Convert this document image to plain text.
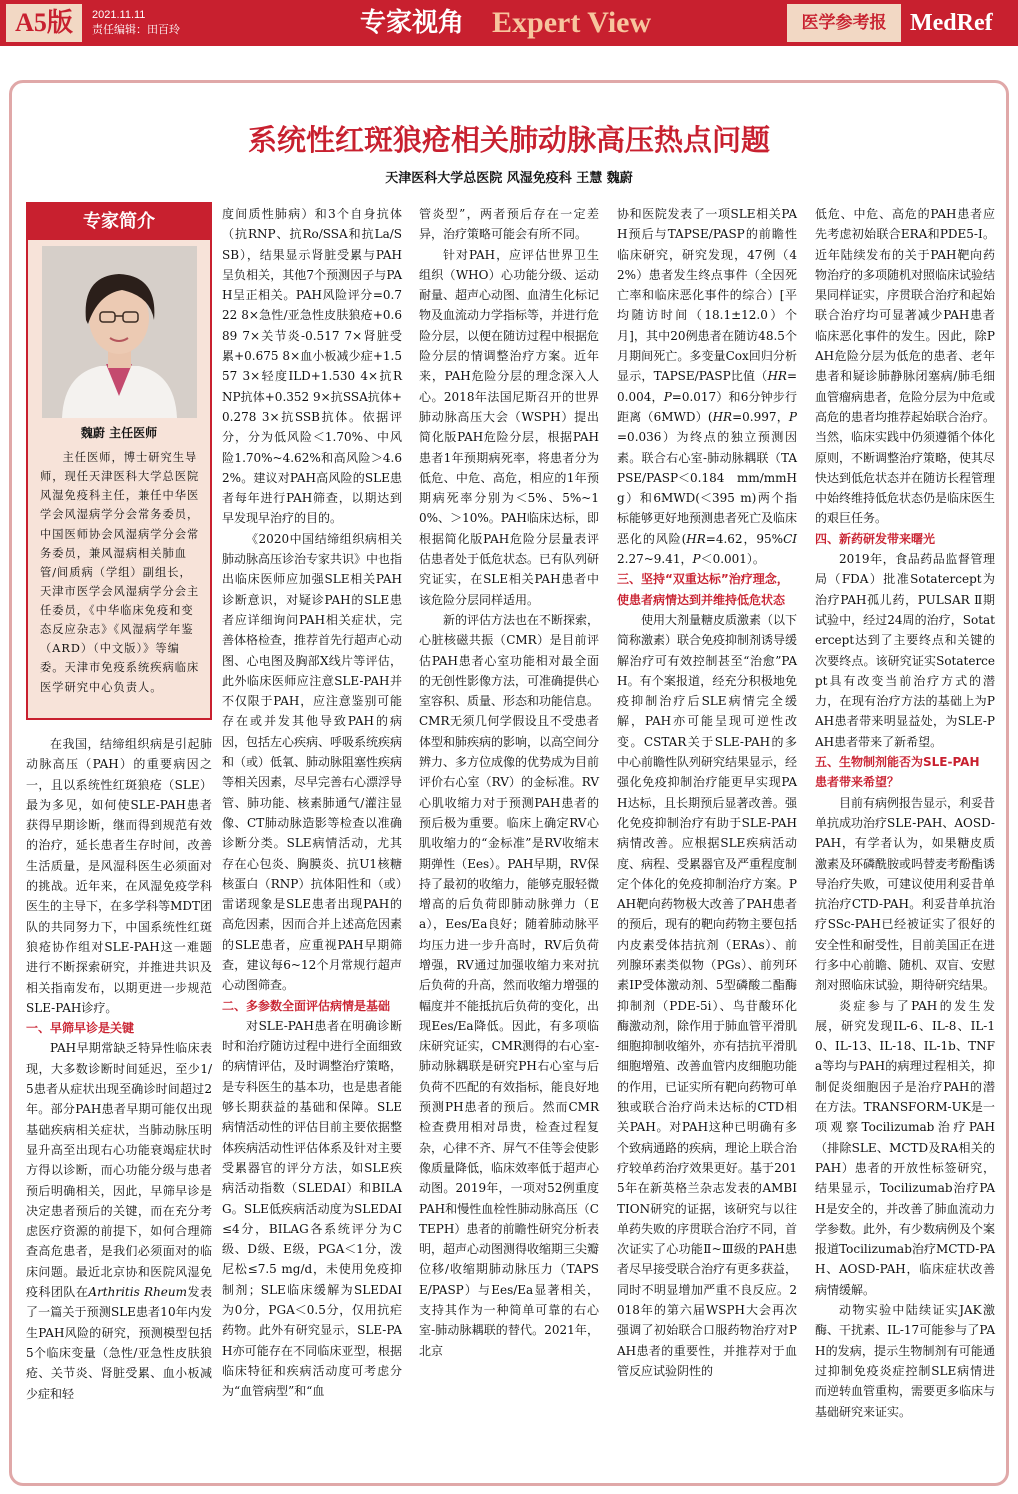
A5版	2021.11.11
责任编辑：田百玲	专家视角 Expert View	医学参考报 MedRef
系统性红斑狼疮相关肺动脉高压热点问题
天津医科大学总医院 风湿免疫科 王慧 魏蔚
专家简介
魏蔚 主任医师
主任医师，博士研究生导师，现任天津医科大学总医院风湿免疫科主任，兼任中华医学会风湿病学分会常务委员，中国医师协会风湿病学分会常务委员，兼风湿病相关肺血管/间质病（学组）副组长，天津市医学会风湿病学分会主任委员，《中华临床免疫和变态反应杂志》《风湿病学年鉴（ARD）（中文版）》等编委。天津市免疫系统疾病临床医学研究中心负责人。

在我国，结缔组织病是引起肺动脉高压（PAH）的重要病因之一，且以系统性红斑狼疮（SLE）最为多见，如何使SLE-PAH患者获得早期诊断，继而得到规范有效的治疗，延长患者生存时间，改善生活质量，是风湿科医生必须面对的挑战。近年来，在风湿免疫学科医生的主导下，在多学科等MDT团队的共同努力下，中国系统性红斑狼疮协作组对SLE-PAH这一难题进行不断探索研究，并推进共识及相关指南发布，以期更进一步规范SLE-PAH诊疗。

一、早筛早诊是关键

PAH早期常缺乏特异性临床表现，大多数诊断时间延迟，至少1/5患者从症状出现至确诊时间超过2年。部分PAH患者早期可能仅出现基础疾病相关症状，当肺动脉压明显升高至出现右心功能衰竭症状时方得以诊断，而心功能分级与患者预后明确相关，因此，早筛早诊是决定患者预后的关键，而在充分考虑医疗资源的前提下，如何合理筛查高危患者，是我们必须面对的临床问题。最近北京协和医院风湿免疫科团队在Arthritis Rheum发表了一篇关于预测SLE患者10年内发生PAH风险的研究，预测模型包括5个临床变量（急性/亚急性皮肤狼疮、关节炎、肾脏受累、血小板减少症和轻

度间质性肺病）和3个自身抗体（抗RNP、抗Ro/SSA和抗La/SSB），结果显示肾脏受累与PAH呈负相关，其他7个预测因子与PAH呈正相关。PAH风险评分=0.722 8×急性/亚急性皮肤狼疮+0.689 7×关节炎-0.517 7×肾脏受累+0.675 8×血小板减少症+1.557 3×轻度ILD+1.530 4×抗RNP抗体+0.352 9×抗SSA抗体+0.278 3×抗SSB抗体。依据评分，分为低风险＜1.70%、中风险1.70%~4.62%和高风险＞4.62%。建议对PAH高风险的SLE患者每年进行PAH筛查，以期达到早发现早治疗的目的。

《2020中国结缔组织病相关肺动脉高压诊治专家共识》中也指出临床医师应加强SLE相关PAH诊断意识，对疑诊PAH的SLE患者应详细询问PAH相关症状，完善体格检查，推荐首先行超声心动图、心电图及胸部X线片等评估，此外临床医师应注意SLE-PAH并不仅限于PAH，应注意鉴别可能存在或并发其他导致PAH的病因，包括左心疾病、呼吸系统疾病和（或）低氧、肺动脉阻塞性疾病等相关因素，尽早完善右心漂浮导管、肺功能、核素肺通气/灌注显像、CT肺动脉造影等检查以准确诊断分类。SLE病情活动，尤其存在心包炎、胸膜炎、抗U1核糖核蛋白（RNP）抗体阳性和（或）雷诺现象是SLE患者出现PAH的高危因素，因而合并上述高危因素的SLE患者，应重视PAH早期筛查，建议每6~12个月常规行超声心动图筛查。

二、多参数全面评估病情是基础

对SLE-PAH患者在明确诊断时和治疗随访过程中进行全面细致的病情评估，及时调整治疗策略，是专科医生的基本功，也是患者能够长期获益的基础和保障。SLE病情活动性的评估目前主要依据整体疾病活动性评估体系及针对主要受累器官的评分方法，如SLE疾病活动指数（SLEDAI）和BILAG。SLE低疾病活动度为SLEDAI≤4分，BILAG各系统评分为C级、D级、E级，PGA＜1分，泼尼松≤7.5 mg/d，未使用免疫抑制剂；SLE临床缓解为SLEDAI为0分，PGA＜0.5分，仅用抗疟药物。此外有研究显示，SLE-PAH亦可能存在不同临床亚型，根据临床特征和疾病活动度可考虑分为“血管病型”和“血

管炎型”，两者预后存在一定差异，治疗策略可能会有所不同。

针对PAH，应评估世界卫生组织（WHO）心功能分级、运动耐量、超声心动图、血清生化标记物及血流动力学指标等，并进行危险分层，以便在随访过程中根据危险分层的情调整治疗方案。近年来，PAH危险分层的理念深入人心。2018年法国尼斯召开的世界肺动脉高压大会（WSPH）提出简化版PAH危险分层，根据PAH患者1年预期病死率，将患者分为低危、中危、高危，相应的1年预期病死率分别为＜5%、5%~10%、＞10%。PAH临床达标，即根据简化版PAH危险分层量表评估患者处于低危状态。已有队列研究证实，在SLE相关PAH患者中该危险分层同样适用。

新的评估方法也在不断探索，心脏核磁共振（CMR）是目前评估PAH患者心室功能相对最全面的无创性影像方法，可准确提供心室容积、质量、形态和功能信息。CMR无须几何学假设且不受患者体型和肺疾病的影响，以高空间分辨力、多方位成像的优势成为目前评价右心室（RV）的金标准。RV心肌收缩力对于预测PAH患者的预后极为重要。临床上确定RV心肌收缩力的“金标准”是RV收缩末期弹性（Ees）。PAH早期，RV保持了最初的收缩力，能够克服轻微增高的后负荷即肺动脉弹力（Ea），Ees/Ea良好；随着肺动脉平均压力进一步升高时，RV后负荷增强，RV通过加强收缩力来对抗后负荷的升高，然而收缩力增强的幅度并不能抵抗后负荷的变化，出现Ees/Ea降低。因此，有多项临床研究证实，CMR测得的右心室-肺动脉耦联是研究PH右心室与后负荷不匹配的有效指标，能良好地预测PH患者的预后。然而CMR检查费用相对昂贵，检查过程复杂，心律不齐、屏气不佳等会使影像质量降低，临床效率低于超声心动图。2019年，一项对52例重度PAH和慢性血栓性肺动脉高压（CTEPH）患者的前瞻性研究分析表明，超声心动图测得收缩期三尖瓣位移/收缩期肺动脉压力（TAPSE/PASP）与Ees/Ea显著相关，支持其作为一种简单可靠的右心室-肺动脉耦联的替代。2021年，北京

协和医院发表了一项SLE相关PAH预后与TAPSE/PASP的前瞻性临床研究，研究发现，47例（42%）患者发生终点事件（全因死亡率和临床恶化事件的综合）[平均随访时间（18.1±12.0）个月]，其中20例患者在随访48.5个月期间死亡。多变量Cox回归分析显示，TAPSE/PASP比值（HR=0.004，P=0.017）和6分钟步行距离（6MWD）(HR=0.997，P=0.036）为终点的独立预测因素。联合右心室-肺动脉耦联（TAPSE/PASP＜0.184 mm/mmHg）和6MWD(＜395 m)两个指标能够更好地预测患者死亡及临床恶化的风险(HR=4.62，95%CI2.27~9.41，P＜0.001）。
三、坚持“双重达标”治疗理念，
使患者病情达到并维持低危状态

使用大剂量糖皮质激素（以下简称激素）联合免疫抑制剂诱导缓解治疗可有效控制甚至“治愈”PAH。有个案报道，经充分积极地免疫抑制治疗后SLE病情完全缓解，PAH亦可能呈现可逆性改变。CSTAR关于SLE-PAH的多中心前瞻性队列研究结果显示，经强化免疫抑制治疗能更早实现PAH达标，且长期预后显著改善。强化免疫抑制治疗有助于SLE-PAH病情改善。应根据SLE疾病活动度、病程、受累器官及严重程度制定个体化的免疫抑制治疗方案。PAH靶向药物极大改善了PAH患者的预后，现有的靶向药物主要包括内皮素受体拮抗剂（ERAs）、前列腺环素类似物（PGs）、前列环素IP受体激动剂、5型磷酸二酯酶抑制剂（PDE-5i）、鸟苷酸环化酶激动剂，除作用于肺血管平滑肌细胞抑制收缩外，亦有拮抗平滑肌细胞增殖、改善血管内皮细胞功能的作用，已证实所有靶向药物可单独或联合治疗尚未达标的CTD相关PAH。对PAH这种已明确有多个致病通路的疾病，理论上联合治疗较单药治疗效果更好。基于2015年在新英格兰杂志发表的AMBITION研究的证据，该研究与以往单药失败的序贯联合治疗不同，首次证实了心功能Ⅱ~Ⅲ级的PAH患者尽早接受联合治疗有更多获益，同时不明显增加严重不良反应。2018年的第六届WSPH大会再次强调了初始联合口服药物治疗对PAH患者的重要性，并推荐对于血管反应试验阴性的

低危、中危、高危的PAH患者应先考虑初始联合ERA和PDE5-I。近年陆续发布的关于PAH靶向药物治疗的多项随机对照临床试验结果同样证实，序贯联合治疗和起始联合治疗均可显著减少PAH患者临床恶化事件的发生。因此，除PAH危险分层为低危的患者、老年患者和疑诊肺静脉闭塞病/肺毛细血管瘤病患者，危险分层为中危或高危的患者均推荐起始联合治疗。当然，临床实践中仍须遵循个体化原则，不断调整治疗策略，使其尽快达到低危状态并在随访长程管理中始终维持低危状态仍是临床医生的艰巨任务。
四、新药研发带来曙光

2019年，食品药品监督管理局（FDA）批准Sotatercept为治疗PAH孤儿药，PULSAR Ⅱ期试验中，经过24周的治疗，Sotatercept达到了主要终点和关键的次要终点。该研究证实Sotatercept具有改变当前治疗方式的潜力，在现有治疗方法的基础上为PAH患者带来明显益处，为SLE-PAH患者带来了新希望。

五、生物制剂能否为SLE-PAH
患者带来希望？

目前有病例报告显示，利妥昔单抗成功治疗SLE-PAH、AOSD-PAH，有学者认为，如果糖皮质激素及环磷酰胺或吗替麦考酚酯诱导治疗失败，可建议使用利妥昔单抗治疗CTD-PAH。利妥昔单抗治疗SSc-PAH已经被证实了很好的安全性和耐受性，目前美国正在进行多中心前瞻、随机、双盲、安慰剂对照临床试验，期待研究结果。

炎症参与了PAH的发生发展，研究发现IL-6、IL-8、IL-10、IL-13、IL-18、IL-1b、TNFa等均与PAH的病理过程相关，抑制促炎细胞因子是治疗PAH的潜在方法。TRANSFORM-UK是一项观察Tocilizumab治疗PAH（排除SLE、MCTD及RA相关的PAH）患者的开放性标签研究，结果显示，Tocilizumab治疗PAH是安全的，并改善了肺血流动力学参数。此外，有少数病例及个案报道Tocilizumab治疗MCTD-PAH、AOSD-PAH，临床症状改善病情缓解。

动物实验中陆续证实JAK激酶、干扰素、IL-17可能参与了PAH的发病，提示生物制剂有可能通过抑制免疫炎症控制SLE病情进而逆转血管重构，需要更多临床与基础研究来证实。
